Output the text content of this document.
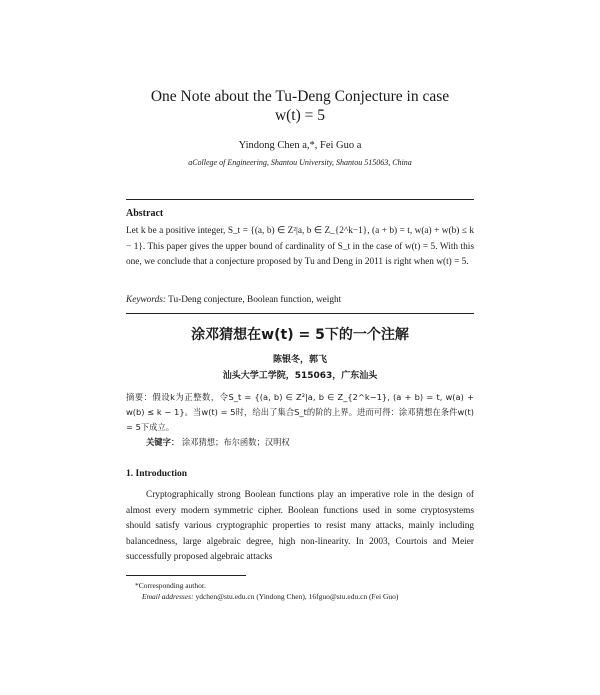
One Note about the Tu-Deng Conjecture in case
w(t) = 5
Yindong Chen a,*, Fei Guo a
aCollege of Engineering, Shantou University, Shantou 515063, China
Abstract
Let k be a positive integer, S_t = {(a, b) ∈ Z²|a, b ∈ Z_{2^k−1}, (a + b) = t, w(a) + w(b) ≤ k − 1}. This paper gives the upper bound of cardinality of S_t in the case of w(t) = 5. With this one, we conclude that a conjecture proposed by Tu and Deng in 2011 is right when w(t) = 5.
Keywords: Tu-Deng conjecture, Boolean function, weight
涂邓猜想在w(t) = 5下的一个注解
陈银冬，郭飞
汕头大学工学院，515063，广东汕头
摘要：假设k为正整数，令S_t = {(a, b) ∈ Z²|a, b ∈ Z_{2^k−1}, (a + b) = t, w(a) + w(b) ≤ k − 1}。当w(t) = 5时，给出了集合S_t的阶的上界。进而可得：涂邓猜想在条件w(t) = 5下成立。
关键字： 涂邓猜想；布尔函数；汉明权
1. Introduction
Cryptographically strong Boolean functions play an imperative role in the design of almost every modern symmetric cipher. Boolean functions used in some cryptosystems should satisfy various cryptographic properties to resist many attacks, mainly including balancedness, large algebraic degree, high non-linearity. In 2003, Courtois and Meier successfully proposed algebraic attacks
*Corresponding author.
Email addresses: ydchen@stu.edu.cn (Yindong Chen), 16fguo@stu.edu.cn (Fei Guo)
